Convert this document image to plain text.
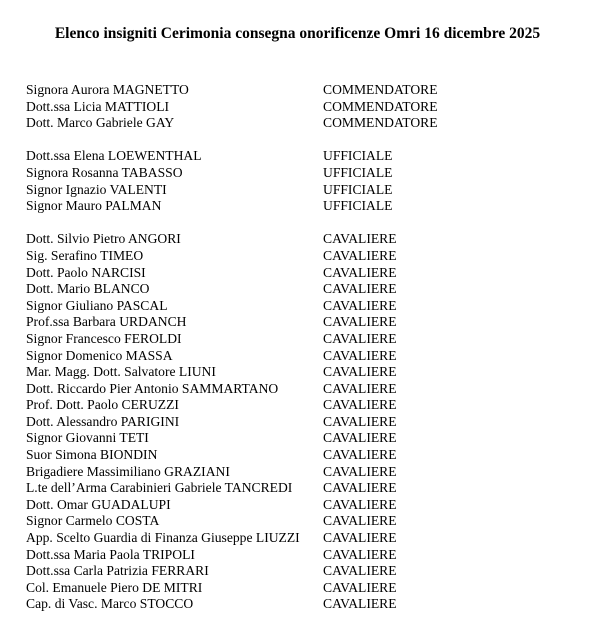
Elenco insigniti Cerimonia consegna onorificenze Omri 16 dicembre 2025
Signora Aurora MAGNETTO	COMMENDATORE
Dott.ssa Licia MATTIOLI	COMMENDATORE
Dott. Marco Gabriele GAY	COMMENDATORE
Dott.ssa Elena LOEWENTHAL	UFFICIALE
Signora Rosanna TABASSO	UFFICIALE
Signor Ignazio VALENTI	UFFICIALE
Signor Mauro PALMAN	UFFICIALE
Dott. Silvio Pietro ANGORI	CAVALIERE
Sig. Serafino TIMEO	CAVALIERE
Dott. Paolo NARCISI	CAVALIERE
Dott. Mario BLANCO	CAVALIERE
Signor Giuliano PASCAL	CAVALIERE
Prof.ssa Barbara URDANCH	CAVALIERE
Signor Francesco FEROLDI	CAVALIERE
Signor Domenico MASSA	CAVALIERE
Mar. Magg. Dott. Salvatore LIUNI	CAVALIERE
Dott. Riccardo Pier Antonio SAMMARTANO	CAVALIERE
Prof. Dott. Paolo CERUZZI	CAVALIERE
Dott. Alessandro PARIGINI	CAVALIERE
Signor Giovanni TETI	CAVALIERE
Suor Simona BIONDIN	CAVALIERE
Brigadiere Massimiliano GRAZIANI	CAVALIERE
L.te dell’Arma Carabinieri Gabriele TANCREDI	CAVALIERE
Dott. Omar GUADALUPI	CAVALIERE
Signor Carmelo COSTA	CAVALIERE
App. Scelto Guardia di Finanza Giuseppe LIUZZI	CAVALIERE
Dott.ssa Maria Paola TRIPOLI	CAVALIERE
Dott.ssa Carla Patrizia FERRARI	CAVALIERE
Col. Emanuele Piero DE MITRI	CAVALIERE
Cap. di Vasc. Marco STOCCO	CAVALIERE
